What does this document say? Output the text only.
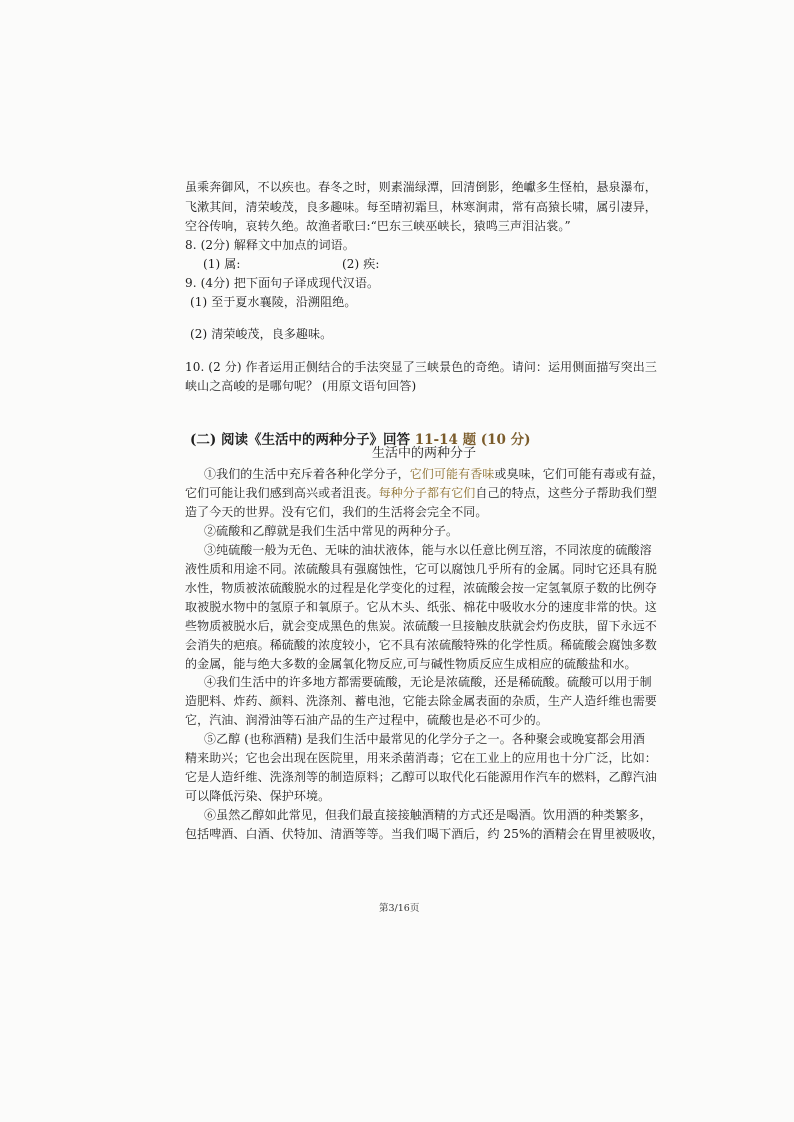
虽乘奔御风，不以疾也。春冬之时，则素湍绿潭，回清倒影，绝巘多生怪柏，悬泉瀑布，
飞漱其间，清荣峻茂，良多趣味。每至晴初霜旦，林寒涧肃，常有高猿长啸，属引凄异，
空谷传响，哀转久绝。故渔者歌曰:“巴东三峡巫峡长，猿鸣三声泪沾裳。”
8. (2分) 解释文中加点的词语。
(1) 属:	(2) 疾:
9. (4分) 把下面句子译成现代汉语。
(1) 至于夏水襄陵，沿溯阻绝。
(2) 清荣峻茂，良多趣味。
10. (2 分) 作者运用正侧结合的手法突显了三峡景色的奇绝。请问：运用侧面描写突出三
峡山之高峻的是哪句呢？ (用原文语句回答)
(二) 阅读《生活中的两种分子》回答 11-14 题 (10 分)
生活中的两种分子
①我们的生活中充斥着各种化学分子，它们可能有香味或臭味，它们可能有毒或有益，
它们可能让我们感到高兴或者沮丧。每种分子都有它们自己的特点，这些分子帮助我们塑
造了今天的世界。没有它们，我们的生活将会完全不同。
②硫酸和乙醇就是我们生活中常见的两种分子。
③纯硫酸一般为无色、无味的油状液体，能与水以任意比例互溶，不同浓度的硫酸溶
液性质和用途不同。浓硫酸具有强腐蚀性，它可以腐蚀几乎所有的金属。同时它还具有脱
水性，物质被浓硫酸脱水的过程是化学变化的过程，浓硫酸会按一定氢氧原子数的比例夺
取被脱水物中的氢原子和氧原子。它从木头、纸张、棉花中吸收水分的速度非常的快。这
些物质被脱水后，就会变成黑色的焦炭。浓硫酸一旦接触皮肤就会灼伤皮肤，留下永远不
会消失的疤痕。稀硫酸的浓度较小，它不具有浓硫酸特殊的化学性质。稀硫酸会腐蚀多数
的金属，能与绝大多数的金属氧化物反应,可与碱性物质反应生成相应的硫酸盐和水。
④我们生活中的许多地方都需要硫酸，无论是浓硫酸，还是稀硫酸。硫酸可以用于制
造肥料、炸药、颜料、洗涤剂、蓄电池，它能去除金属表面的杂质，生产人造纤维也需要
它，汽油、润滑油等石油产品的生产过程中，硫酸也是必不可少的。
⑤乙醇 (也称酒精) 是我们生活中最常见的化学分子之一。各种聚会或晚宴都会用酒
精来助兴；它也会出现在医院里，用来杀菌消毒；它在工业上的应用也十分广泛，比如：
它是人造纤维、洗涤剂等的制造原料；乙醇可以取代化石能源用作汽车的燃料，乙醇汽油
可以降低污染、保护环境。
⑥虽然乙醇如此常见，但我们最直接接触酒精的方式还是喝酒。饮用酒的种类繁多，
包括啤酒、白酒、伏特加、清酒等等。当我们喝下酒后，约 25%的酒精会在胃里被吸收，
第3/16页
